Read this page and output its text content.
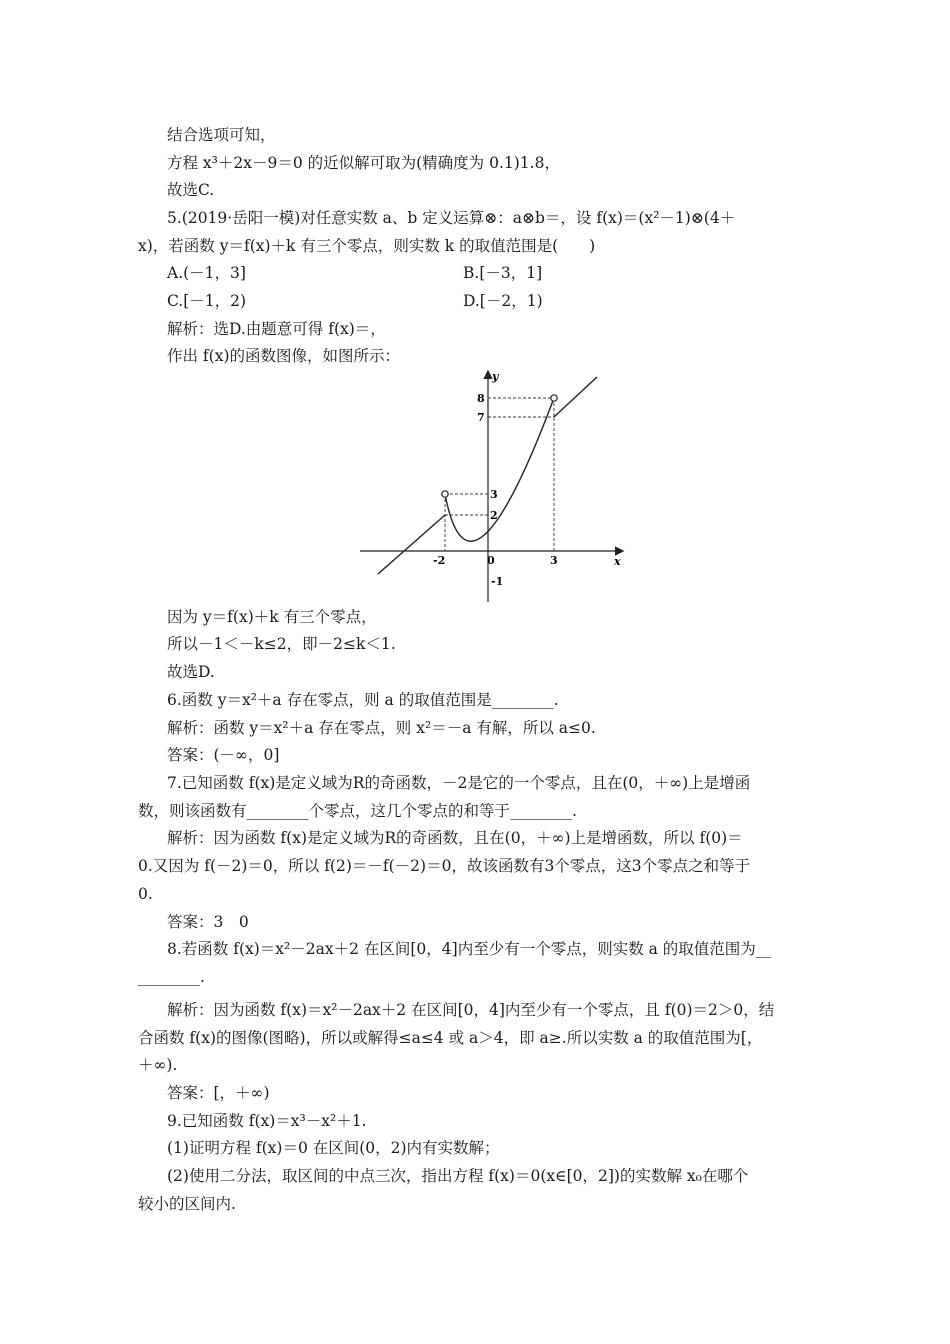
结合选项可知，
方程 x³＋2x－9＝0 的近似解可取为(精确度为 0.1)1.8，
故选C.
5.(2019·岳阳一模)对任意实数 a、b 定义运算⊗：a⊗b＝，设 f(x)＝(x²－1)⊗(4＋
x)，若函数 y＝f(x)＋k 有三个零点，则实数 k 的取值范围是(　　)
A.(－1，3]	B.[－3，1]
C.[－1，2)	D.[－2，1)
解析：选D.由题意可得 f(x)＝，
作出 f(x)的函数图像，如图所示：
y
x
0
-2	3
8
7
3
2
-1
因为 y＝f(x)＋k 有三个零点，
所以－1＜－k≤2，即－2≤k＜1.
故选D.
6.函数 y＝x²＋a 存在零点，则 a 的取值范围是________.
解析：函数 y＝x²＋a 存在零点，则 x²＝－a 有解，所以 a≤0.
答案：(－∞，0]
7.已知函数 f(x)是定义域为R的奇函数，－2是它的一个零点，且在(0，＋∞)上是增函
数，则该函数有________个零点，这几个零点的和等于________.
解析：因为函数 f(x)是定义域为R的奇函数，且在(0，＋∞)上是增函数，所以 f(0)＝
0.又因为 f(－2)＝0，所以 f(2)＝－f(－2)＝0，故该函数有3个零点，这3个零点之和等于
0.
答案：3　0
8.若函数 f(x)＝x²－2ax＋2 在区间[0，4]内至少有一个零点，则实数 a 的取值范围为__
________.
解析：因为函数 f(x)＝x²－2ax＋2 在区间[0，4]内至少有一个零点，且 f(0)＝2＞0，结
合函数 f(x)的图像(图略)，所以或解得≤a≤4 或 a＞4，即 a≥.所以实数 a 的取值范围为[，
＋∞).
答案：[，＋∞)
9.已知函数 f(x)＝x³－x²＋1.
(1)证明方程 f(x)＝0 在区间(0，2)内有实数解；
(2)使用二分法，取区间的中点三次，指出方程 f(x)＝0(x∈[0，2])的实数解 x₀在哪个
较小的区间内.
